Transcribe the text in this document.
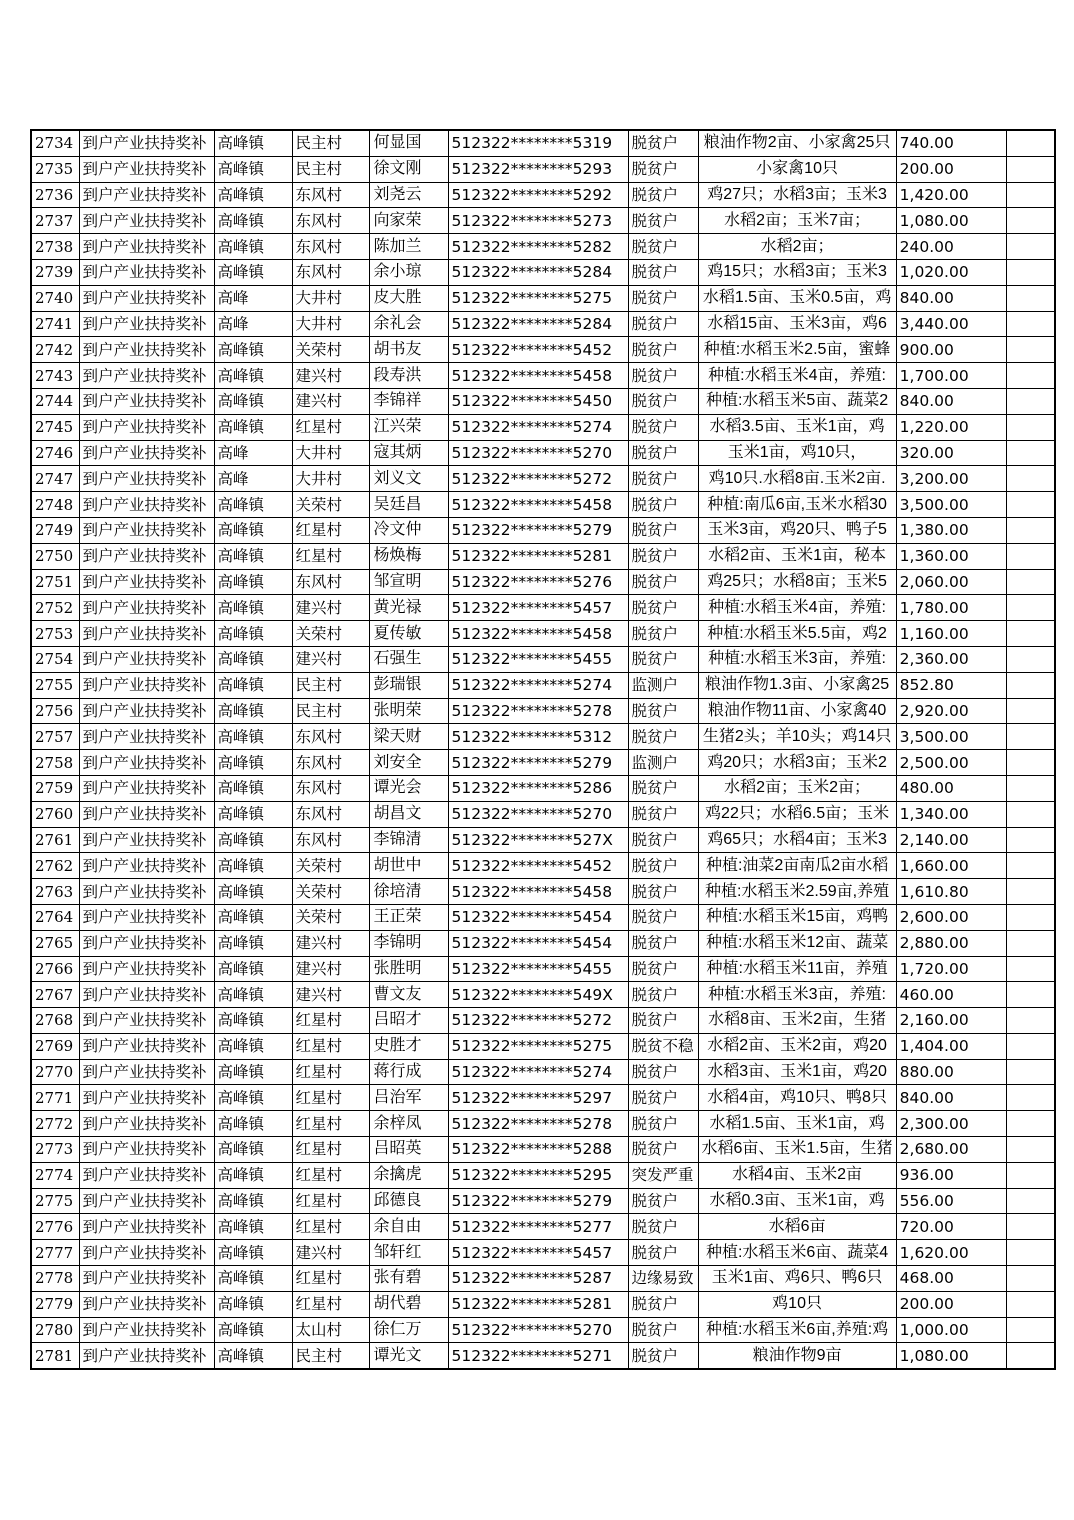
2734	到户产业扶持奖补	高峰镇	民主村	何显国	512322********5319	脱贫户	粮油作物2亩、小家禽25只	740.00	
2735	到户产业扶持奖补	高峰镇	民主村	徐文刚	512322********5293	脱贫户	小家禽10只	200.00	
2736	到户产业扶持奖补	高峰镇	东风村	刘尧云	512322********5292	脱贫户	鸡27只；水稻3亩；玉米3	1,420.00	
2737	到户产业扶持奖补	高峰镇	东风村	向家荣	512322********5273	脱贫户	水稻2亩；玉米7亩；	1,080.00	
2738	到户产业扶持奖补	高峰镇	东风村	陈加兰	512322********5282	脱贫户	水稻2亩；	240.00	
2739	到户产业扶持奖补	高峰镇	东风村	余小琼	512322********5284	脱贫户	鸡15只；水稻3亩；玉米3	1,020.00	
2740	到户产业扶持奖补	高峰	大井村	皮大胜	512322********5275	脱贫户	水稻1.5亩、玉米0.5亩，鸡	840.00	
2741	到户产业扶持奖补	高峰	大井村	余礼会	512322********5284	脱贫户	水稻15亩、玉米3亩，鸡6	3,440.00	
2742	到户产业扶持奖补	高峰镇	关荣村	胡书友	512322********5452	脱贫户	种植:水稻玉米2.5亩，蜜蜂	900.00	
2743	到户产业扶持奖补	高峰镇	建兴村	段寿洪	512322********5458	脱贫户	种植:水稻玉米4亩，养殖:	1,700.00	
2744	到户产业扶持奖补	高峰镇	建兴村	李锦祥	512322********5450	脱贫户	种植:水稻玉米5亩、蔬菜2	840.00	
2745	到户产业扶持奖补	高峰镇	红星村	江兴荣	512322********5274	脱贫户	水稻3.5亩、玉米1亩，鸡	1,220.00	
2746	到户产业扶持奖补	高峰	大井村	寇其炳	512322********5270	脱贫户	玉米1亩，鸡10只，	320.00	
2747	到户产业扶持奖补	高峰	大井村	刘义文	512322********5272	脱贫户	鸡10只.水稻8亩.玉米2亩.	3,200.00	
2748	到户产业扶持奖补	高峰镇	关荣村	吴廷昌	512322********5458	脱贫户	种植:南瓜6亩,玉米水稻30	3,500.00	
2749	到户产业扶持奖补	高峰镇	红星村	冷文仲	512322********5279	脱贫户	玉米3亩，鸡20只、鸭子5	1,380.00	
2750	到户产业扶持奖补	高峰镇	红星村	杨焕梅	512322********5281	脱贫户	水稻2亩、玉米1亩，秘本	1,360.00	
2751	到户产业扶持奖补	高峰镇	东风村	邹宣明	512322********5276	脱贫户	鸡25只；水稻8亩；玉米5	2,060.00	
2752	到户产业扶持奖补	高峰镇	建兴村	黄光禄	512322********5457	脱贫户	种植:水稻玉米4亩，养殖:	1,780.00	
2753	到户产业扶持奖补	高峰镇	关荣村	夏传敏	512322********5458	脱贫户	种植:水稻玉米5.5亩，鸡2	1,160.00	
2754	到户产业扶持奖补	高峰镇	建兴村	石强生	512322********5455	脱贫户	种植:水稻玉米3亩，养殖:	2,360.00	
2755	到户产业扶持奖补	高峰镇	民主村	彭瑞银	512322********5274	监测户	粮油作物1.3亩、小家禽25	852.80	
2756	到户产业扶持奖补	高峰镇	民主村	张明荣	512322********5278	脱贫户	粮油作物11亩、小家禽40	2,920.00	
2757	到户产业扶持奖补	高峰镇	东风村	梁天财	512322********5312	脱贫户	生猪2头；羊10头；鸡14只	3,500.00	
2758	到户产业扶持奖补	高峰镇	东风村	刘安全	512322********5279	监测户	鸡20只；水稻3亩；玉米2	2,500.00	
2759	到户产业扶持奖补	高峰镇	东风村	谭光会	512322********5286	脱贫户	水稻2亩；玉米2亩；	480.00	
2760	到户产业扶持奖补	高峰镇	东风村	胡昌文	512322********5270	脱贫户	鸡22只；水稻6.5亩；玉米	1,340.00	
2761	到户产业扶持奖补	高峰镇	东风村	李锦清	512322********527X	脱贫户	鸡65只；水稻4亩；玉米3	2,140.00	
2762	到户产业扶持奖补	高峰镇	关荣村	胡世中	512322********5452	脱贫户	种植:油菜2亩南瓜2亩水稻	1,660.00	
2763	到户产业扶持奖补	高峰镇	关荣村	徐培清	512322********5458	脱贫户	种植:水稻玉米2.59亩,养殖	1,610.80	
2764	到户产业扶持奖补	高峰镇	关荣村	王正荣	512322********5454	脱贫户	种植:水稻玉米15亩，鸡鸭	2,600.00	
2765	到户产业扶持奖补	高峰镇	建兴村	李锦明	512322********5454	脱贫户	种植:水稻玉米12亩、蔬菜	2,880.00	
2766	到户产业扶持奖补	高峰镇	建兴村	张胜明	512322********5455	脱贫户	种植:水稻玉米11亩，养殖	1,720.00	
2767	到户产业扶持奖补	高峰镇	建兴村	曹文友	512322********549X	脱贫户	种植:水稻玉米3亩，养殖:	460.00	
2768	到户产业扶持奖补	高峰镇	红星村	吕昭才	512322********5272	脱贫户	水稻8亩、玉米2亩，生猪	2,160.00	
2769	到户产业扶持奖补	高峰镇	红星村	史胜才	512322********5275	脱贫不稳	水稻2亩、玉米2亩，鸡20	1,404.00	
2770	到户产业扶持奖补	高峰镇	红星村	蒋行成	512322********5274	脱贫户	水稻3亩、玉米1亩，鸡20	880.00	
2771	到户产业扶持奖补	高峰镇	红星村	吕治军	512322********5297	脱贫户	水稻4亩，鸡10只、鸭8只	840.00	
2772	到户产业扶持奖补	高峰镇	红星村	余梓凤	512322********5278	脱贫户	水稻1.5亩、玉米1亩，鸡	2,300.00	
2773	到户产业扶持奖补	高峰镇	红星村	吕昭英	512322********5288	脱贫户	水稻6亩、玉米1.5亩，生猪	2,680.00	
2774	到户产业扶持奖补	高峰镇	红星村	余擒虎	512322********5295	突发严重	水稻4亩、玉米2亩	936.00	
2775	到户产业扶持奖补	高峰镇	红星村	邱德良	512322********5279	脱贫户	水稻0.3亩、玉米1亩，鸡	556.00	
2776	到户产业扶持奖补	高峰镇	红星村	余自由	512322********5277	脱贫户	水稻6亩	720.00	
2777	到户产业扶持奖补	高峰镇	建兴村	邹轩红	512322********5457	脱贫户	种植:水稻玉米6亩、蔬菜4	1,620.00	
2778	到户产业扶持奖补	高峰镇	红星村	张有碧	512322********5287	边缘易致	玉米1亩、鸡6只、鸭6只	468.00	
2779	到户产业扶持奖补	高峰镇	红星村	胡代碧	512322********5281	脱贫户	鸡10只	200.00	
2780	到户产业扶持奖补	高峰镇	太山村	徐仁万	512322********5270	脱贫户	种植:水稻玉米6亩,养殖:鸡	1,000.00	
2781	到户产业扶持奖补	高峰镇	民主村	谭光文	512322********5271	脱贫户	粮油作物9亩	1,080.00	
